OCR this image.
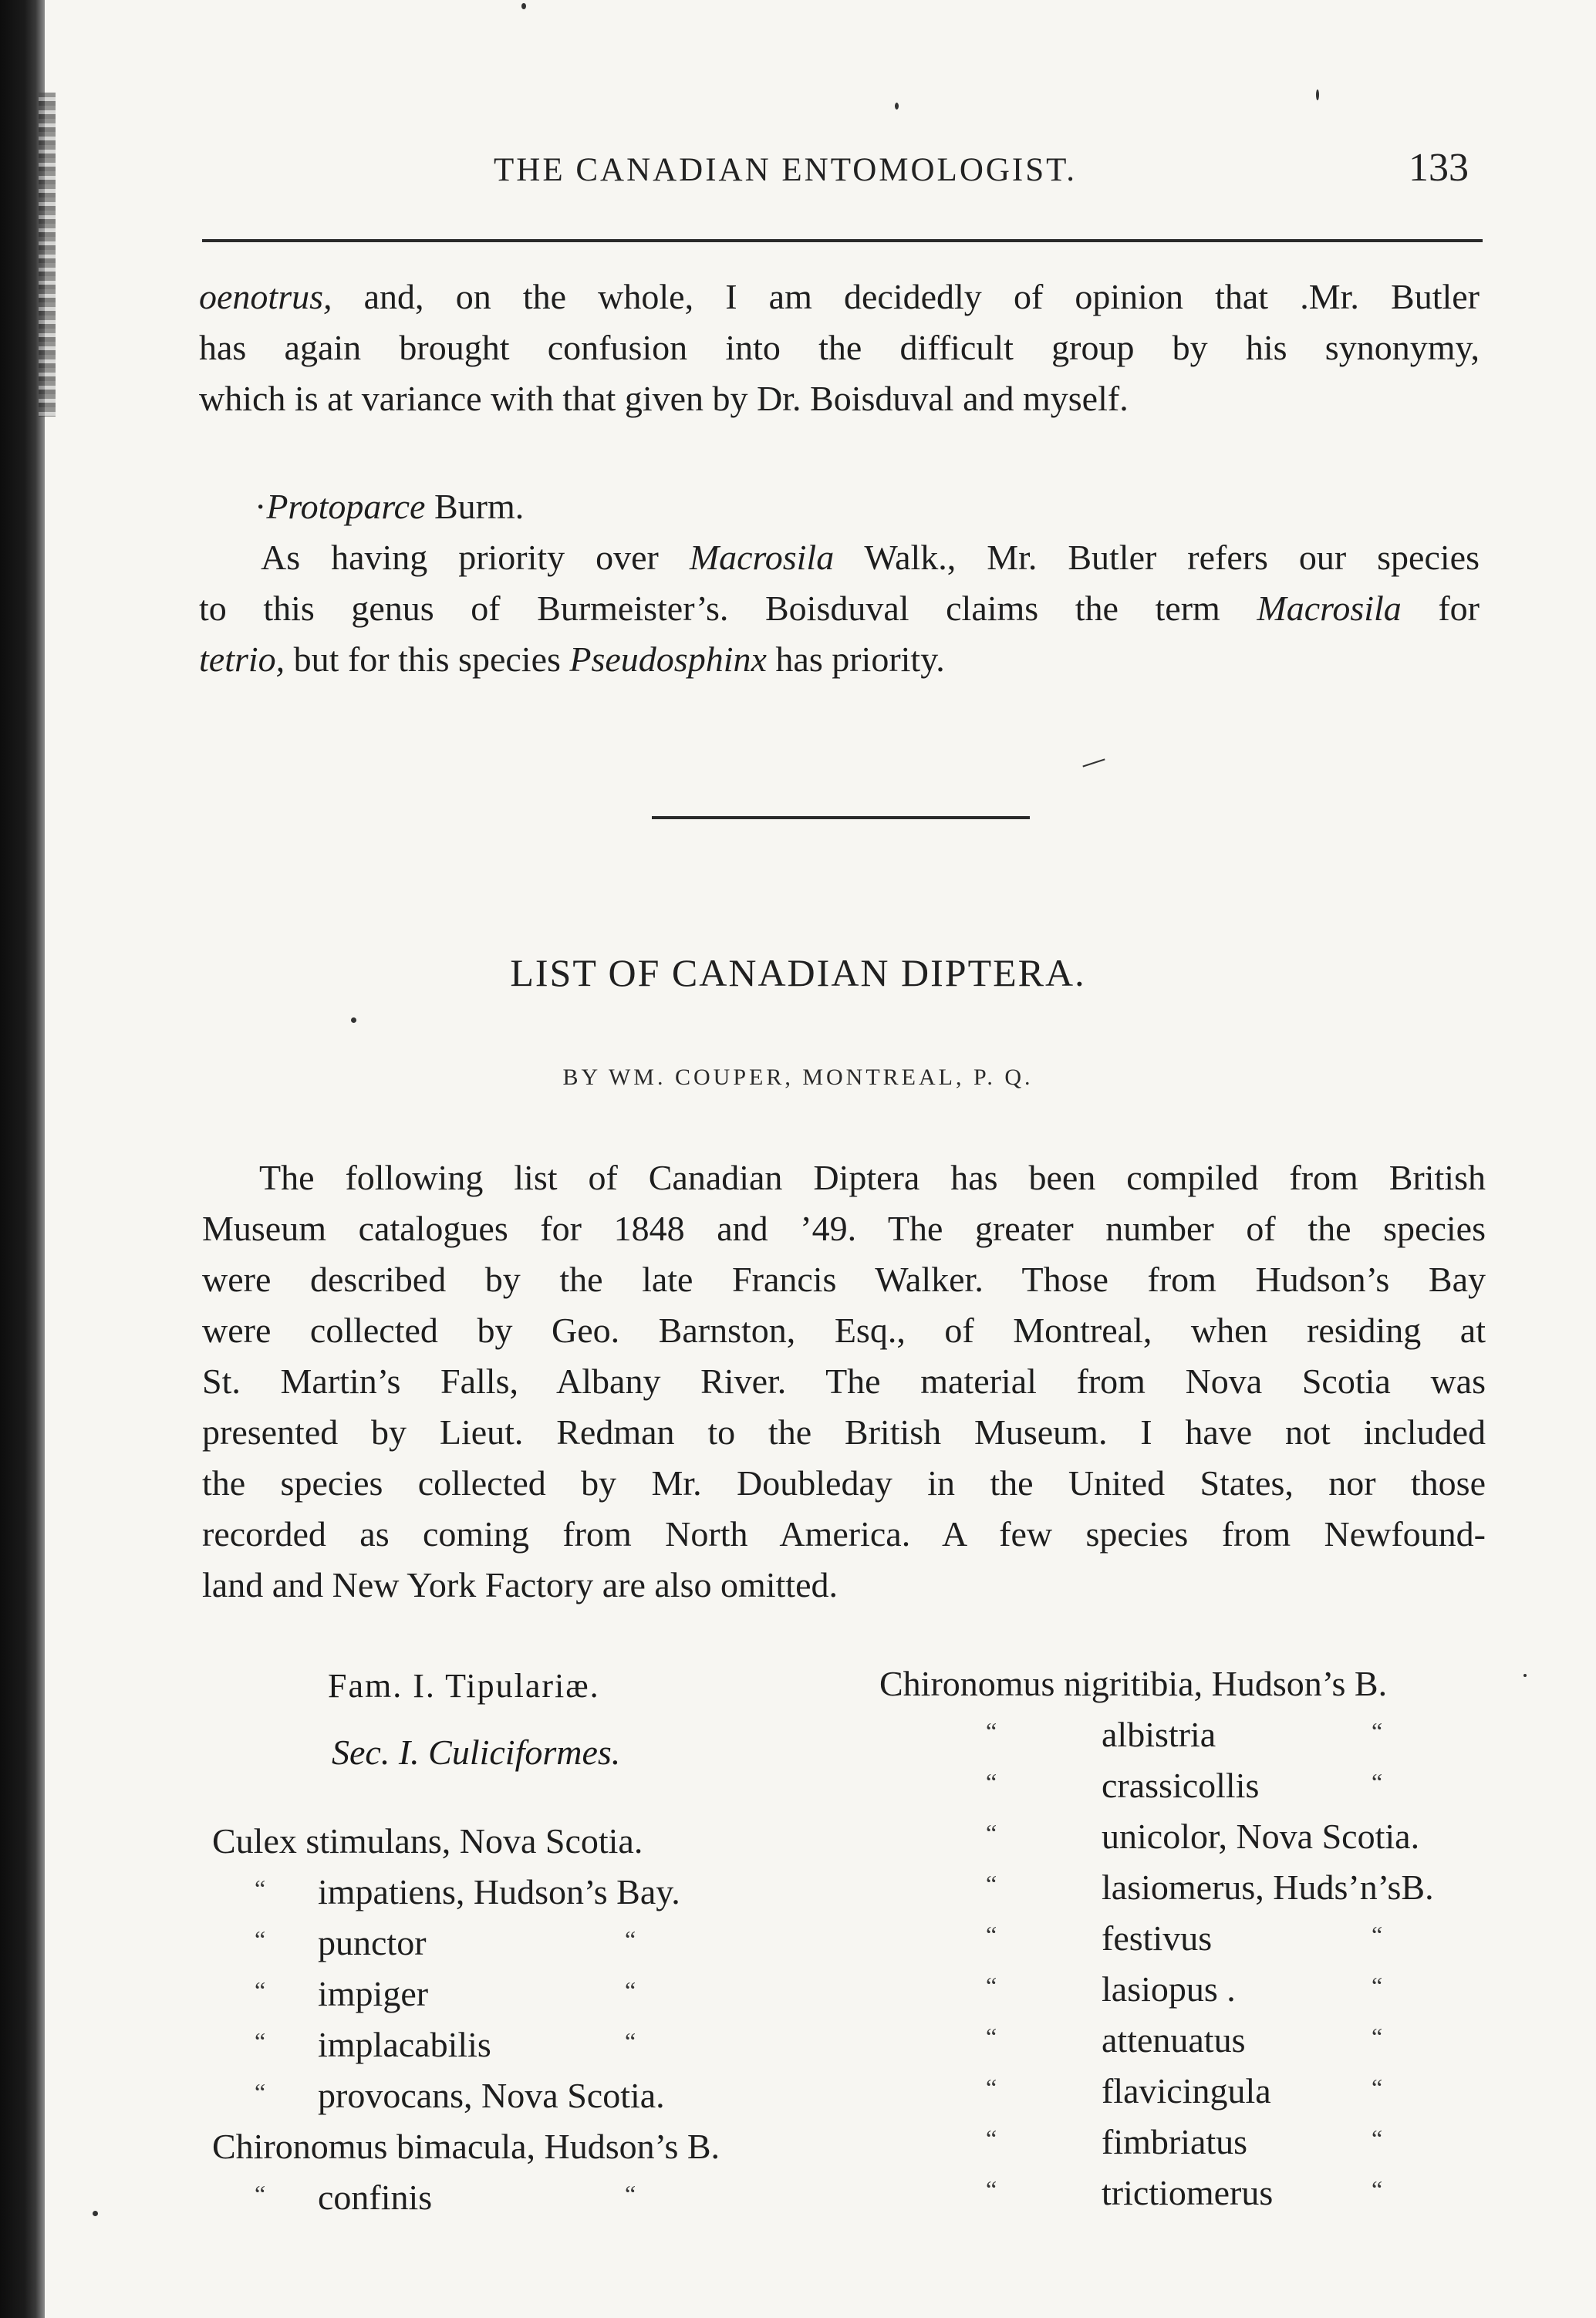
THE CANADIAN ENTOMOLOGIST.	133
oenotrus, and, on the whole, I am decidedly of opinion that .Mr. Butler
has again brought confusion into the difficult group by his synonymy,
which is at variance with that given by Dr. Boisduval and myself.
·Protoparce Burm.
As having priority over Macrosila Walk., Mr. Butler refers our species
to this genus of Burmeister’s. Boisduval claims the term Macrosila for
tetrio, but for this species Pseudosphinx has priority.
LIST OF CANADIAN DIPTERA.
BY WM. COUPER, MONTREAL, P. Q.
The following list of Canadian Diptera has been compiled from British
Museum catalogues for 1848 and ’49. The greater number of the species
were described by the late Francis Walker. Those from Hudson’s Bay
were collected by Geo. Barnston, Esq., of Montreal, when residing at
St. Martin’s Falls, Albany River. The material from Nova Scotia was
presented by Lieut. Redman to the British Museum. I have not included
the species collected by Mr. Doubleday in the United States, nor those
recorded as coming from North America. A few species from Newfound-
land and New York Factory are also omitted.
Fam. I. Tipulariæ.
Sec. I. Culiciformes.
Culex stimulans, Nova Scotia.
“ impatiens, Hudson’s Bay.
“ punctor	“
“ impiger	“
“ implacabilis	“
“ provocans, Nova Scotia.
Chironomus bimacula, Hudson’s B.
“ confinis	“
Chironomus nigritibia, Hudson’s B.
“	albistria	“
“	crassicollis	“
“	unicolor, Nova Scotia.
“	lasiomerus, Huds’n’sB.
“	festivus	“
“	lasiopus .	“
“	attenuatus	“
“	flavicingula	“
“	fimbriatus	“
“	trictiomerus	“
